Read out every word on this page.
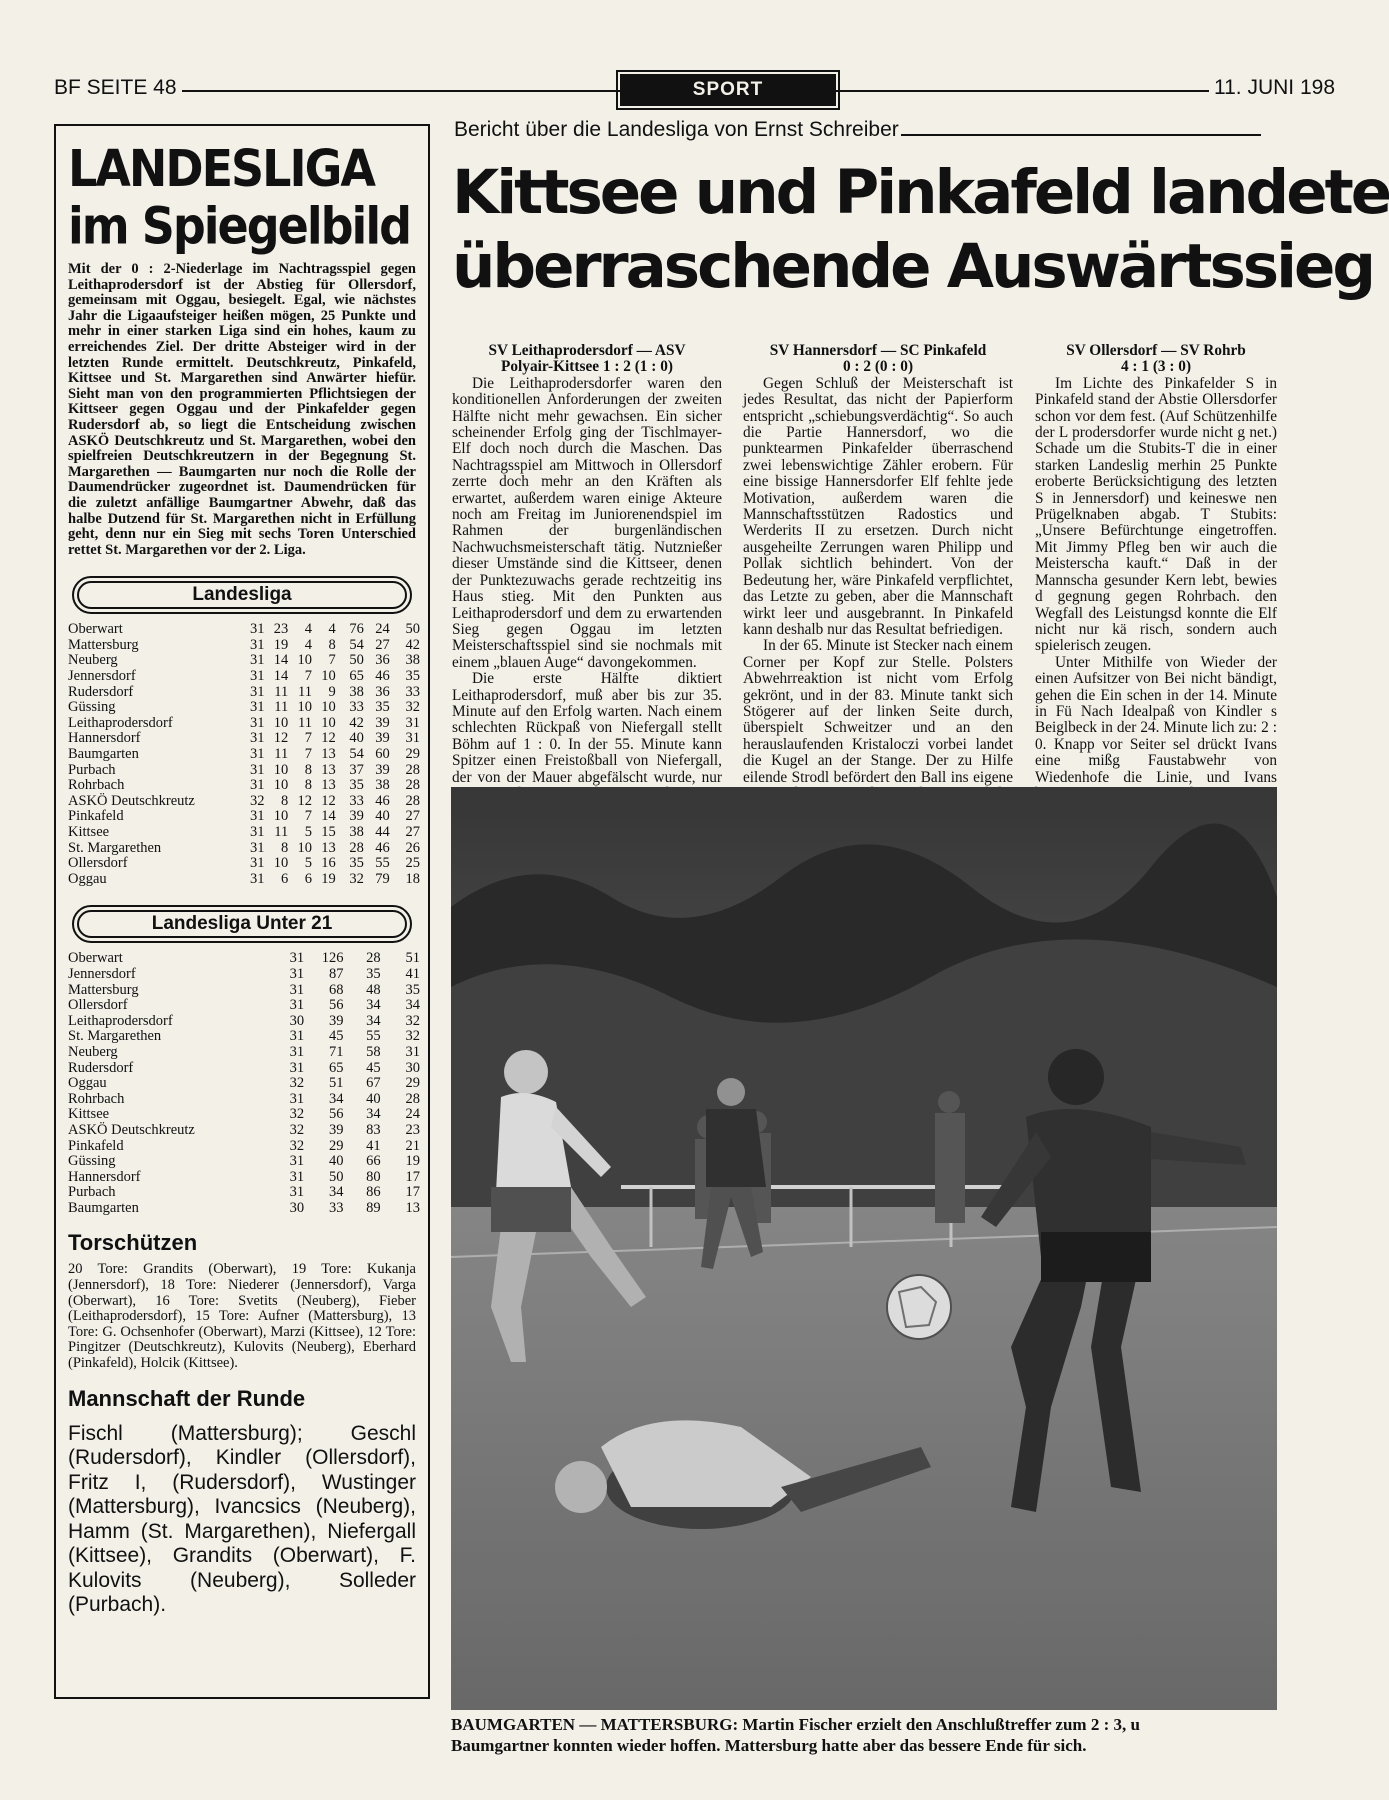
BF SEITE 48	SPORT	11. JUNI 198
LANDESLIGA
im Spiegelbild
Mit der 0 : 2-Niederlage im Nachtragsspiel gegen Leithaprodersdorf ist der Abstieg für Ollersdorf, gemeinsam mit Oggau, besiegelt. Egal, wie nächstes Jahr die Ligaaufsteiger heißen mögen, 25 Punkte und mehr in einer starken Liga sind ein hohes, kaum zu erreichendes Ziel. Der dritte Absteiger wird in der letzten Runde ermittelt. Deutschkreutz, Pinkafeld, Kittsee und St. Margarethen sind Anwärter hiefür. Sieht man von den programmierten Pflichtsiegen der Kittseer gegen Oggau und der Pinkafelder gegen Rudersdorf ab, so liegt die Entscheidung zwischen ASKÖ Deutschkreutz und St. Margarethen, wobei den spielfreien Deutschkreutzern in der Begegnung St. Margarethen — Baumgarten nur noch die Rolle der Daumendrücker zugeordnet ist. Daumendrücken für die zuletzt anfällige Baumgartner Abwehr, daß das halbe Dutzend für St. Margarethen nicht in Erfüllung geht, denn nur ein Sieg mit sechs Toren Unterschied rettet St. Margarethen vor der 2. Liga.
Landesliga
Oberwart	31	23	4	4	76	24	50
Mattersburg	31	19	4	8	54	27	42
Neuberg	31	14	10	7	50	36	38
Jennersdorf	31	14	7	10	65	46	35
Rudersdorf	31	11	11	9	38	36	33
Güssing	31	11	10	10	33	35	32
Leithaprodersdorf	31	10	11	10	42	39	31
Hannersdorf	31	12	7	12	40	39	31
Baumgarten	31	11	7	13	54	60	29
Purbach	31	10	8	13	37	39	28
Rohrbach	31	10	8	13	35	38	28
ASKÖ Deutschkreutz	32	8	12	12	33	46	28
Pinkafeld	31	10	7	14	39	40	27
Kittsee	31	11	5	15	38	44	27
St. Margarethen	31	8	10	13	28	46	26
Ollersdorf	31	10	5	16	35	55	25
Oggau	31	6	6	19	32	79	18
Landesliga Unter 21
Oberwart	31	126	28	51
Jennersdorf	31	87	35	41
Mattersburg	31	68	48	35
Ollersdorf	31	56	34	34
Leithaprodersdorf	30	39	34	32
St. Margarethen	31	45	55	32
Neuberg	31	71	58	31
Rudersdorf	31	65	45	30
Oggau	32	51	67	29
Rohrbach	31	34	40	28
Kittsee	32	56	34	24
ASKÖ Deutschkreutz	32	39	83	23
Pinkafeld	32	29	41	21
Güssing	31	40	66	19
Hannersdorf	31	50	80	17
Purbach	31	34	86	17
Baumgarten	30	33	89	13
Torschützen
20 Tore: Grandits (Oberwart), 19 Tore: Kukanja (Jennersdorf), 18 Tore: Niederer (Jennersdorf), Varga (Oberwart), 16 Tore: Svetits (Neuberg), Fieber (Leithaprodersdorf), 15 Tore: Aufner (Mattersburg), 13 Tore: G. Ochsenhofer (Oberwart), Marzi (Kittsee), 12 Tore: Pingitzer (Deutschkreutz), Kulovits (Neuberg), Eberhard (Pinkafeld), Holcik (Kittsee).
Mannschaft der Runde
Fischl (Mattersburg); Geschl (Rudersdorf), Kindler (Ollersdorf), Fritz I, (Rudersdorf), Wustinger (Mattersburg), Ivancsics (Neuberg), Hamm (St. Margarethen), Niefergall (Kittsee), Grandits (Oberwart), F. Kulovits (Neuberg), Solleder (Purbach).
Bericht über die Landesliga von Ernst Schreiber
Kittsee und Pinkafeld landete
überraschende Auswärtssieg
SV Leithaprodersdorf — ASV
Polyair-Kittsee 1 : 2 (1 : 0)

Die Leithaprodersdorfer waren den konditionellen Anforderungen der zweiten Hälfte nicht mehr gewachsen. Ein sicher scheinender Erfolg ging der Tischlmayer-Elf doch noch durch die Maschen. Das Nachtragsspiel am Mittwoch in Ollersdorf zerrte doch mehr an den Kräften als erwartet, außerdem waren einige Akteure noch am Freitag im Juniorenendspiel im Rahmen der burgenländischen Nachwuchsmeisterschaft tätig. Nutznießer dieser Umstände sind die Kittseer, denen der Punktezuwachs gerade rechtzeitig ins Haus stieg. Mit den Punkten aus Leithaprodersdorf und dem zu erwartenden Sieg gegen Oggau im letzten Meisterschaftsspiel sind sie nochmals mit einem „blauen Auge“ davongekommen.

Die erste Hälfte diktiert Leithaprodersdorf, muß aber bis zur 35. Minute auf den Erfolg warten. Nach einem schlechten Rückpaß von Niefergall stellt Böhm auf 1 : 0. In der 55. Minute kann Spitzer einen Freistoßball von Niefergall, der von der Mauer abgefälscht wurde, nur

SV Hannersdorf — SC Pinkafeld
0 : 2 (0 : 0)

Gegen Schluß der Meisterschaft ist jedes Resultat, das nicht der Papierform entspricht „schiebungsverdächtig“. So auch die Partie Hannersdorf, wo die punktearmen Pinkafelder überraschend zwei lebenswichtige Zähler erobern. Für eine bissige Hannersdorfer Elf fehlte jede Motivation, außerdem waren die Mannschaftsstützen Radostics und Werderits II zu ersetzen. Durch nicht ausgeheilte Zerrungen waren Philipp und Pollak sichtlich behindert. Von der Bedeutung her, wäre Pinkafeld verpflichtet, das Letzte zu geben, aber die Mannschaft wirkt leer und ausgebrannt. In Pinkafeld kann deshalb nur das Resultat befriedigen.

In der 65. Minute ist Stecker nach einem Corner per Kopf zur Stelle. Polsters Abwehrreaktion ist nicht vom Erfolg gekrönt, und in der 83. Minute tankt sich Stögerer auf der linken Seite durch, überspielt Schweitzer und an den herauslaufenden Kristaloczi vorbei landet die Kugel an der Stange. Der zu Hilfe eilende Strodl befördert den Ball ins eigene

SV Ollersdorf — SV Rohrb
4 : 1 (3 : 0)

Im Lichte des Pinkafelder S in Pinkafeld stand der Abstie Ollersdorfer schon vor dem fest. (Auf Schützenhilfe der L prodersdorfer wurde nicht g net.) Schade um die Stubits-T die in einer starken Landeslig merhin 25 Punkte eroberte Berücksichtigung des letzten S in Jennersdorf) und keineswe nen Prügelknaben abgab. T Stubits: „Unsere Befürchtunge eingetroffen. Mit Jimmy Pfleg ben wir auch die Meisterscha kauft.“ Daß in der Mannscha gesunder Kern lebt, bewies d gegnung gegen Rohrbach. den Wegfall des Leistungsd konnte die Elf nicht nur kä risch, sondern auch spielerisch zeugen.

Unter Mithilfe von Wieder der einen Aufsitzer von Bei nicht bändigt, gehen die Ein schen in der 14. Minute in Fü Nach Idealpaß von Kindler s Beiglbeck in der 24. Minute lich zu: 2 : 0. Knapp vor Seiter sel drückt Ivans eine mißg Faustabwehr von Wiedenhofe die Linie, und Ivans

BAUMGARTEN — MATTERSBURG: Martin Fischer erzielt den Anschlußtreffer zum 2 : 3, u
Baumgartner konnten wieder hoffen. Mattersburg hatte aber das bessere Ende für sich.
